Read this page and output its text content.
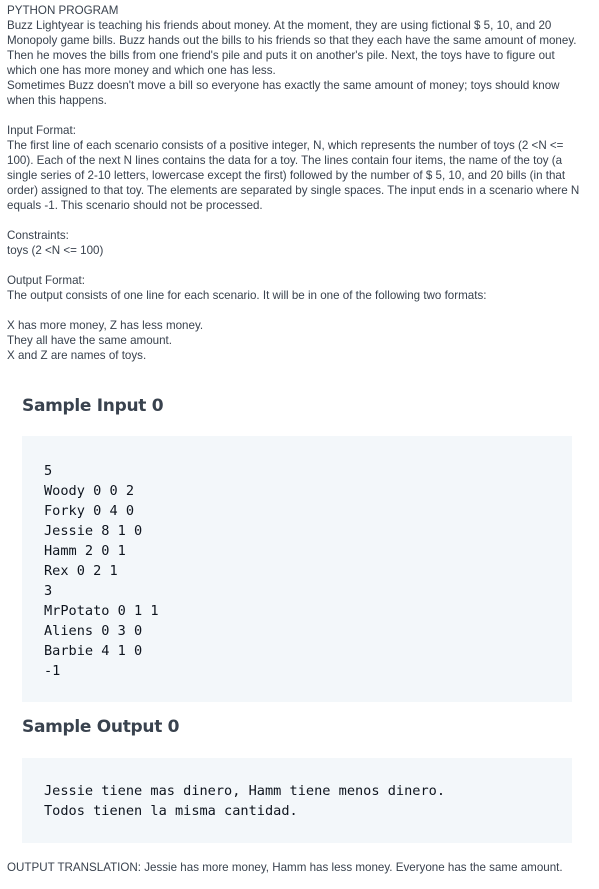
PYTHON PROGRAM

Buzz Lightyear is teaching his friends about money. At the moment, they are using fictional $ 5, 10, and 20 Monopoly game bills. Buzz hands out the bills to his friends so that they each have the same amount of money. Then he moves the bills from one friend's pile and puts it on another's pile. Next, the toys have to figure out which one has more money and which one has less.

Sometimes Buzz doesn't move a bill so everyone has exactly the same amount of money; toys should know when this happens.

Input Format:

The first line of each scenario consists of a positive integer, N, which represents the number of toys (2 <N <= 100). Each of the next N lines contains the data for a toy. The lines contain four items, the name of the toy (a single series of 2-10 letters, lowercase except the first) followed by the number of $ 5, 10, and 20 bills (in that order) assigned to that toy. The elements are separated by single spaces. The input ends in a scenario where N equals -1. This scenario should not be processed.

Constraints:

toys (2 <N <= 100)

Output Format:

The output consists of one line for each scenario. It will be in one of the following two formats:

X has more money, Z has less money.

They all have the same amount.

X and Z are names of toys.

Sample Input 0

5

Woody 0 0 2

Forky 0 4 0

Jessie 8 1 0

Hamm 2 0 1

Rex 0 2 1

3

MrPotato 0 1 1

Aliens 0 3 0

Barbie 4 1 0

-1

Sample Output 0

Jessie tiene mas dinero, Hamm tiene menos dinero.

Todos tienen la misma cantidad.

OUTPUT TRANSLATION: Jessie has more money, Hamm has less money. Everyone has the same amount.
